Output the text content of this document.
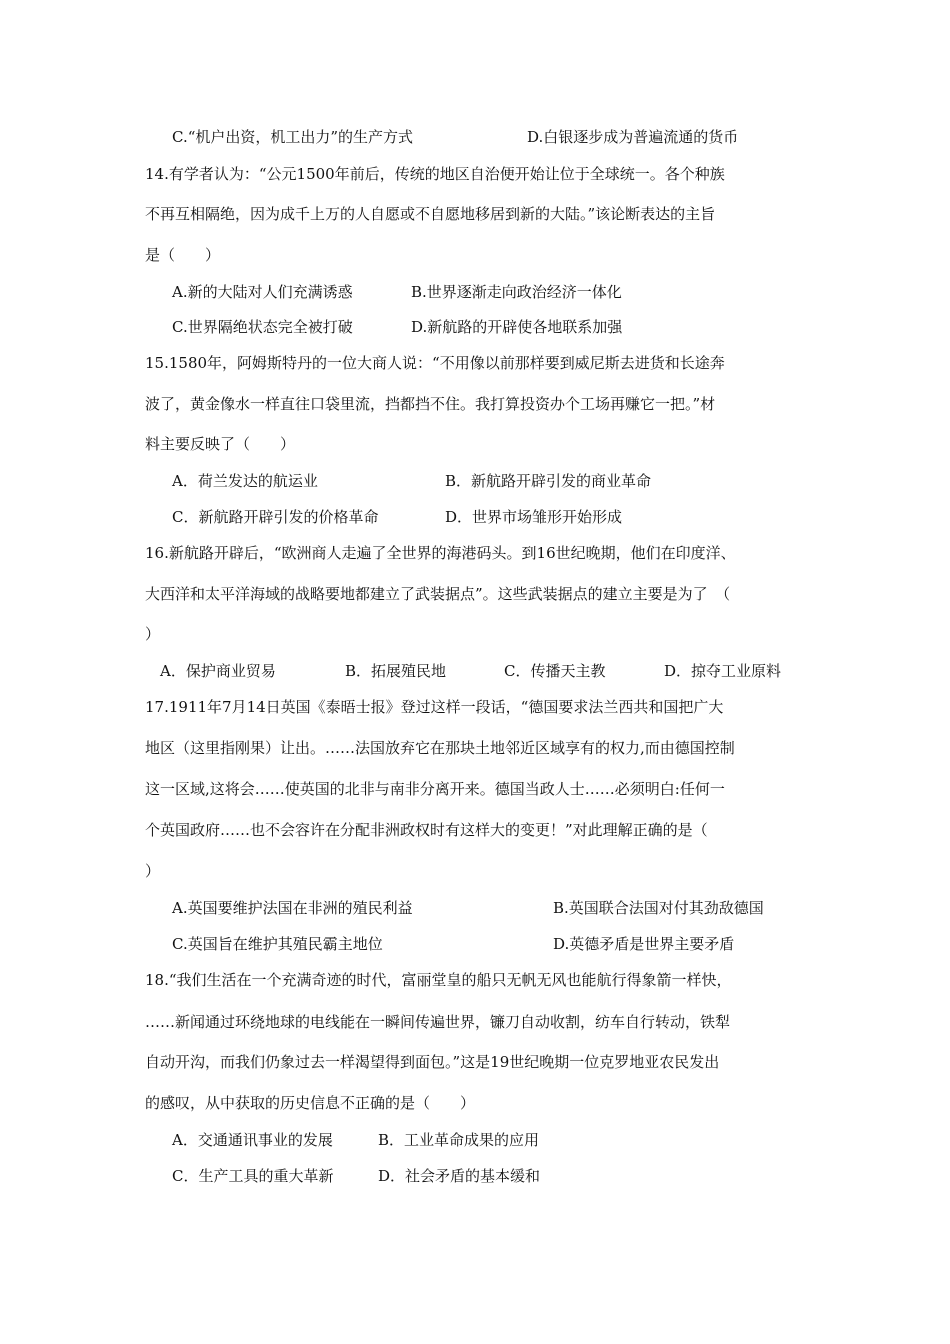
C.“机户出资，机工出力”的生产方式	D.白银逐步成为普遍流通的货币
14.有学者认为：“公元1500年前后，传统的地区自治便开始让位于全球统一。各个种族
不再互相隔绝，因为成千上万的人自愿或不自愿地移居到新的大陆。”该论断表达的主旨
是（　　）
A.新的大陆对人们充满诱惑	B.世界逐渐走向政治经济一体化
C.世界隔绝状态完全被打破	D.新航路的开辟使各地联系加强
15.1580年，阿姆斯特丹的一位大商人说：“不用像以前那样要到威尼斯去进货和长途奔
波了，黄金像水一样直往口袋里流，挡都挡不住。我打算投资办个工场再赚它一把。”材
料主要反映了（　　）
A．荷兰发达的航运业	B．新航路开辟引发的商业革命
C．新航路开辟引发的价格革命	D．世界市场雏形开始形成
16.新航路开辟后，“欧洲商人走遍了全世界的海港码头。到16世纪晚期，他们在印度洋、
大西洋和太平洋海域的战略要地都建立了武装据点”。这些武装据点的建立主要是为了　（
）
A．保护商业贸易	B．拓展殖民地	C．传播天主教	D．掠夺工业原料
17.1911年7月14日英国《泰晤士报》登过这样一段话，“德国要求法兰西共和国把广大
地区（这里指刚果）让出。……法国放弃它在那块土地邻近区域享有的权力,而由德国控制
这一区域,这将会……使英国的北非与南非分离开来。德国当政人士……必须明白:任何一
个英国政府……也不会容许在分配非洲政权时有这样大的变更！”对此理解正确的是（
）
A.英国要维护法国在非洲的殖民利益	B.英国联合法国对付其劲敌德国
C.英国旨在维护其殖民霸主地位	D.英德矛盾是世界主要矛盾
18.“我们生活在一个充满奇迹的时代，富丽堂皇的船只无帆无风也能航行得象箭一样快，
……新闻通过环绕地球的电线能在一瞬间传遍世界，镰刀自动收割，纺车自行转动，铁犁
自动开沟，而我们仍象过去一样渴望得到面包。”这是19世纪晚期一位克罗地亚农民发出
的感叹，从中获取的历史信息不正确的是（　　）
A．交通通讯事业的发展	B．工业革命成果的应用
C．生产工具的重大革新	D．社会矛盾的基本缓和
